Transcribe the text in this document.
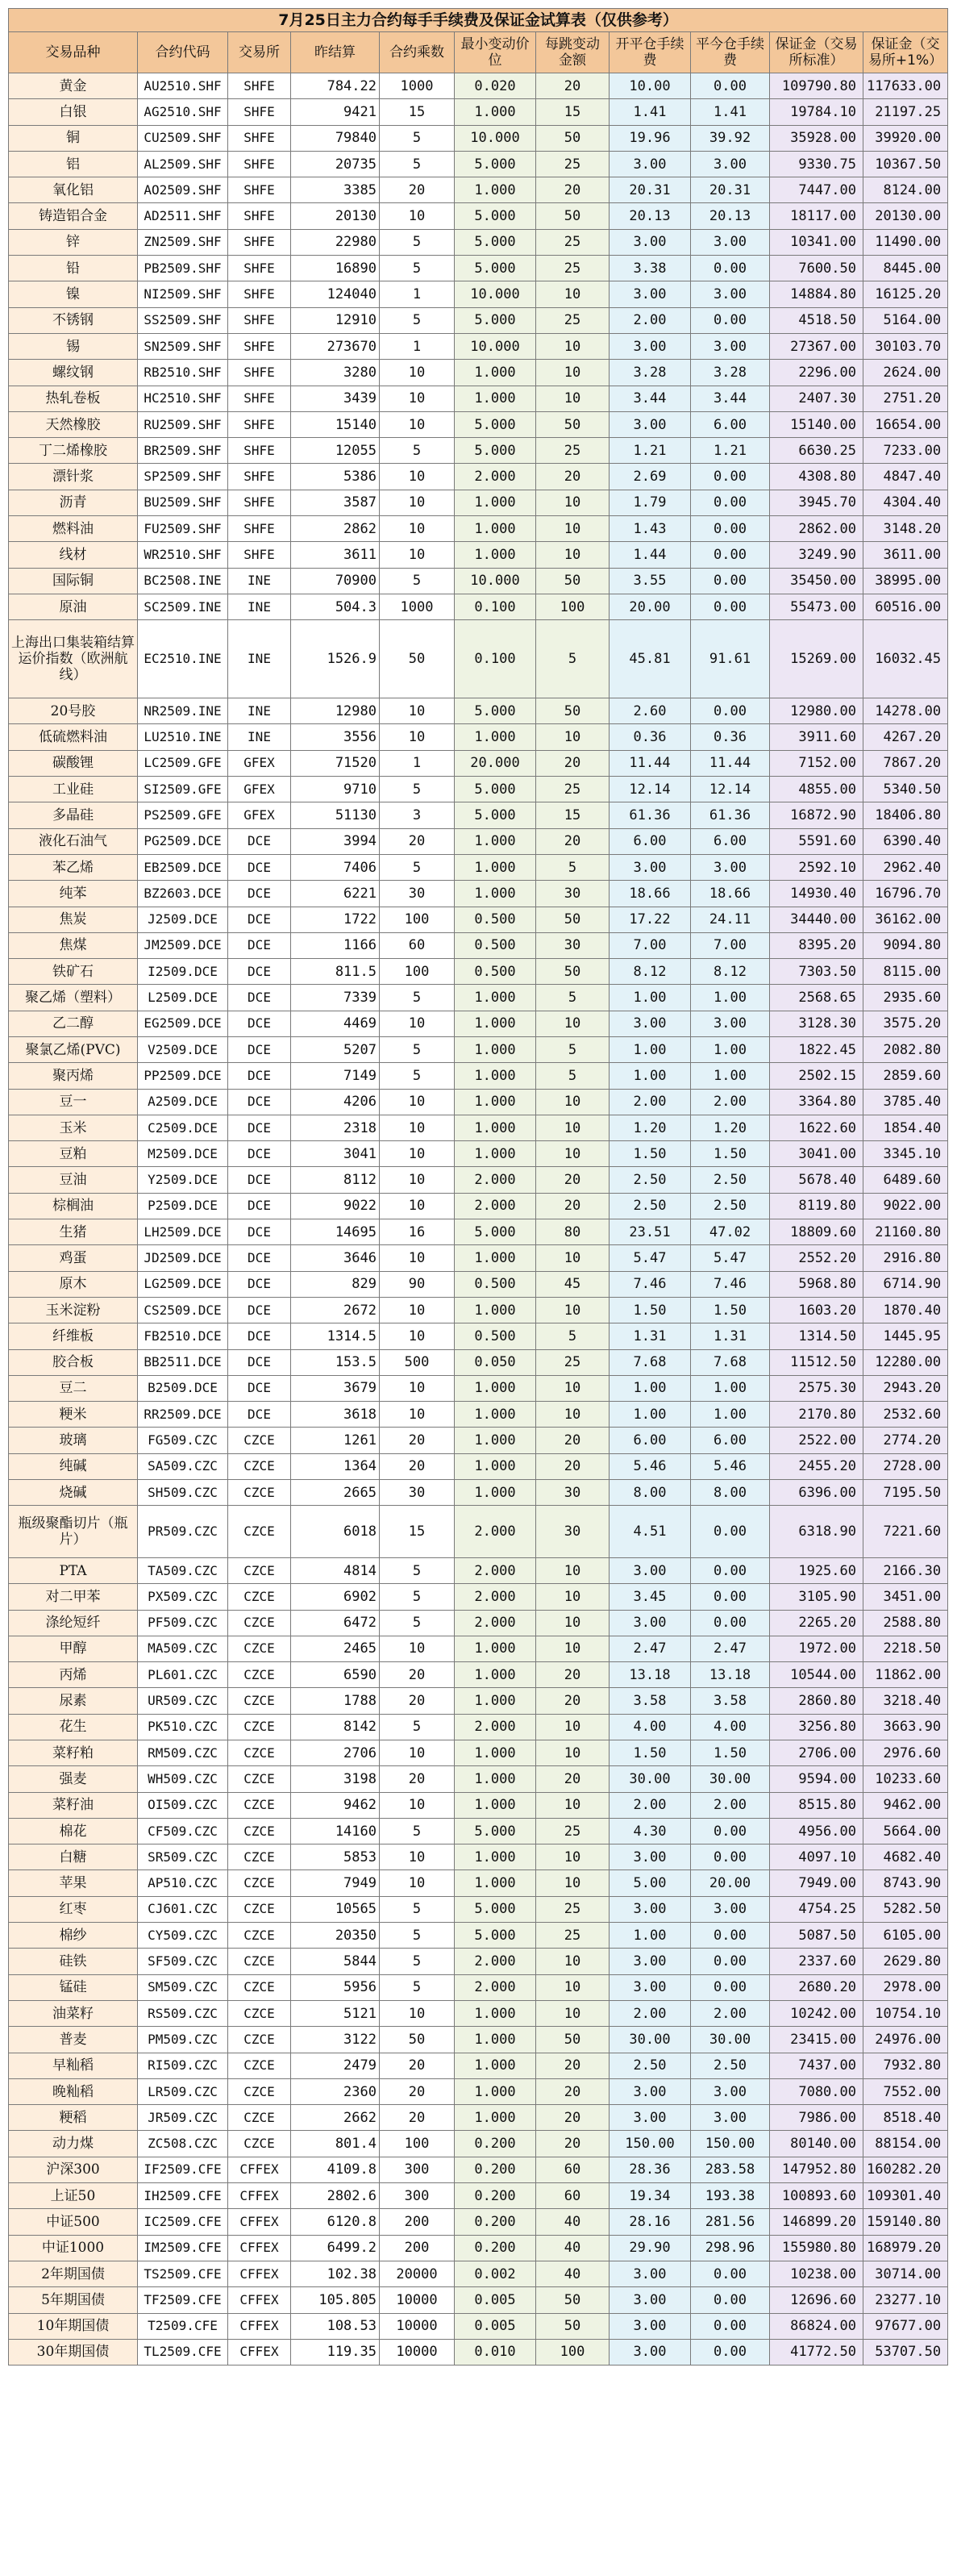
7月25日主力合约每手手续费及保证金试算表（仅供参考）										
交易品种	合约代码	交易所	昨结算	合约乘数	最小变动价位	每跳变动金额	开平仓手续费	平今仓手续费	保证金（交易所标准）	保证金（交易所+1%）
黄金	AU2510.SHF	SHFE	784.22	1000	0.020	20	10.00	0.00	109790.80	117633.00
白银	AG2510.SHF	SHFE	9421	15	1.000	15	1.41	1.41	19784.10	21197.25
铜	CU2509.SHF	SHFE	79840	5	10.000	50	19.96	39.92	35928.00	39920.00
铝	AL2509.SHF	SHFE	20735	5	5.000	25	3.00	3.00	9330.75	10367.50
氧化铝	AO2509.SHF	SHFE	3385	20	1.000	20	20.31	20.31	7447.00	8124.00
铸造铝合金	AD2511.SHF	SHFE	20130	10	5.000	50	20.13	20.13	18117.00	20130.00
锌	ZN2509.SHF	SHFE	22980	5	5.000	25	3.00	3.00	10341.00	11490.00
铅	PB2509.SHF	SHFE	16890	5	5.000	25	3.38	0.00	7600.50	8445.00
镍	NI2509.SHF	SHFE	124040	1	10.000	10	3.00	3.00	14884.80	16125.20
不锈钢	SS2509.SHF	SHFE	12910	5	5.000	25	2.00	0.00	4518.50	5164.00
锡	SN2509.SHF	SHFE	273670	1	10.000	10	3.00	3.00	27367.00	30103.70
螺纹钢	RB2510.SHF	SHFE	3280	10	1.000	10	3.28	3.28	2296.00	2624.00
热轧卷板	HC2510.SHF	SHFE	3439	10	1.000	10	3.44	3.44	2407.30	2751.20
天然橡胶	RU2509.SHF	SHFE	15140	10	5.000	50	3.00	6.00	15140.00	16654.00
丁二烯橡胶	BR2509.SHF	SHFE	12055	5	5.000	25	1.21	1.21	6630.25	7233.00
漂针浆	SP2509.SHF	SHFE	5386	10	2.000	20	2.69	0.00	4308.80	4847.40
沥青	BU2509.SHF	SHFE	3587	10	1.000	10	1.79	0.00	3945.70	4304.40
燃料油	FU2509.SHF	SHFE	2862	10	1.000	10	1.43	0.00	2862.00	3148.20
线材	WR2510.SHF	SHFE	3611	10	1.000	10	1.44	0.00	3249.90	3611.00
国际铜	BC2508.INE	INE	70900	5	10.000	50	3.55	0.00	35450.00	38995.00
原油	SC2509.INE	INE	504.3	1000	0.100	100	20.00	0.00	55473.00	60516.00
上海出口集装箱结算运价指数（欧洲航线）	EC2510.INE	INE	1526.9	50	0.100	5	45.81	91.61	15269.00	16032.45
20号胶	NR2509.INE	INE	12980	10	5.000	50	2.60	0.00	12980.00	14278.00
低硫燃料油	LU2510.INE	INE	3556	10	1.000	10	0.36	0.36	3911.60	4267.20
碳酸锂	LC2509.GFE	GFEX	71520	1	20.000	20	11.44	11.44	7152.00	7867.20
工业硅	SI2509.GFE	GFEX	9710	5	5.000	25	12.14	12.14	4855.00	5340.50
多晶硅	PS2509.GFE	GFEX	51130	3	5.000	15	61.36	61.36	16872.90	18406.80
液化石油气	PG2509.DCE	DCE	3994	20	1.000	20	6.00	6.00	5591.60	6390.40
苯乙烯	EB2509.DCE	DCE	7406	5	1.000	5	3.00	3.00	2592.10	2962.40
纯苯	BZ2603.DCE	DCE	6221	30	1.000	30	18.66	18.66	14930.40	16796.70
焦炭	J2509.DCE	DCE	1722	100	0.500	50	17.22	24.11	34440.00	36162.00
焦煤	JM2509.DCE	DCE	1166	60	0.500	30	7.00	7.00	8395.20	9094.80
铁矿石	I2509.DCE	DCE	811.5	100	0.500	50	8.12	8.12	7303.50	8115.00
聚乙烯（塑料）	L2509.DCE	DCE	7339	5	1.000	5	1.00	1.00	2568.65	2935.60
乙二醇	EG2509.DCE	DCE	4469	10	1.000	10	3.00	3.00	3128.30	3575.20
聚氯乙烯(PVC)	V2509.DCE	DCE	5207	5	1.000	5	1.00	1.00	1822.45	2082.80
聚丙烯	PP2509.DCE	DCE	7149	5	1.000	5	1.00	1.00	2502.15	2859.60
豆一	A2509.DCE	DCE	4206	10	1.000	10	2.00	2.00	3364.80	3785.40
玉米	C2509.DCE	DCE	2318	10	1.000	10	1.20	1.20	1622.60	1854.40
豆粕	M2509.DCE	DCE	3041	10	1.000	10	1.50	1.50	3041.00	3345.10
豆油	Y2509.DCE	DCE	8112	10	2.000	20	2.50	2.50	5678.40	6489.60
棕榈油	P2509.DCE	DCE	9022	10	2.000	20	2.50	2.50	8119.80	9022.00
生猪	LH2509.DCE	DCE	14695	16	5.000	80	23.51	47.02	18809.60	21160.80
鸡蛋	JD2509.DCE	DCE	3646	10	1.000	10	5.47	5.47	2552.20	2916.80
原木	LG2509.DCE	DCE	829	90	0.500	45	7.46	7.46	5968.80	6714.90
玉米淀粉	CS2509.DCE	DCE	2672	10	1.000	10	1.50	1.50	1603.20	1870.40
纤维板	FB2510.DCE	DCE	1314.5	10	0.500	5	1.31	1.31	1314.50	1445.95
胶合板	BB2511.DCE	DCE	153.5	500	0.050	25	7.68	7.68	11512.50	12280.00
豆二	B2509.DCE	DCE	3679	10	1.000	10	1.00	1.00	2575.30	2943.20
粳米	RR2509.DCE	DCE	3618	10	1.000	10	1.00	1.00	2170.80	2532.60
玻璃	FG509.CZC	CZCE	1261	20	1.000	20	6.00	6.00	2522.00	2774.20
纯碱	SA509.CZC	CZCE	1364	20	1.000	20	5.46	5.46	2455.20	2728.00
烧碱	SH509.CZC	CZCE	2665	30	1.000	30	8.00	8.00	6396.00	7195.50
瓶级聚酯切片（瓶片）	PR509.CZC	CZCE	6018	15	2.000	30	4.51	0.00	6318.90	7221.60
PTA	TA509.CZC	CZCE	4814	5	2.000	10	3.00	0.00	1925.60	2166.30
对二甲苯	PX509.CZC	CZCE	6902	5	2.000	10	3.45	0.00	3105.90	3451.00
涤纶短纤	PF509.CZC	CZCE	6472	5	2.000	10	3.00	0.00	2265.20	2588.80
甲醇	MA509.CZC	CZCE	2465	10	1.000	10	2.47	2.47	1972.00	2218.50
丙烯	PL601.CZC	CZCE	6590	20	1.000	20	13.18	13.18	10544.00	11862.00
尿素	UR509.CZC	CZCE	1788	20	1.000	20	3.58	3.58	2860.80	3218.40
花生	PK510.CZC	CZCE	8142	5	2.000	10	4.00	4.00	3256.80	3663.90
菜籽粕	RM509.CZC	CZCE	2706	10	1.000	10	1.50	1.50	2706.00	2976.60
强麦	WH509.CZC	CZCE	3198	20	1.000	20	30.00	30.00	9594.00	10233.60
菜籽油	OI509.CZC	CZCE	9462	10	1.000	10	2.00	2.00	8515.80	9462.00
棉花	CF509.CZC	CZCE	14160	5	5.000	25	4.30	0.00	4956.00	5664.00
白糖	SR509.CZC	CZCE	5853	10	1.000	10	3.00	0.00	4097.10	4682.40
苹果	AP510.CZC	CZCE	7949	10	1.000	10	5.00	20.00	7949.00	8743.90
红枣	CJ601.CZC	CZCE	10565	5	5.000	25	3.00	3.00	4754.25	5282.50
棉纱	CY509.CZC	CZCE	20350	5	5.000	25	1.00	0.00	5087.50	6105.00
硅铁	SF509.CZC	CZCE	5844	5	2.000	10	3.00	0.00	2337.60	2629.80
锰硅	SM509.CZC	CZCE	5956	5	2.000	10	3.00	0.00	2680.20	2978.00
油菜籽	RS509.CZC	CZCE	5121	10	1.000	10	2.00	2.00	10242.00	10754.10
普麦	PM509.CZC	CZCE	3122	50	1.000	50	30.00	30.00	23415.00	24976.00
早籼稻	RI509.CZC	CZCE	2479	20	1.000	20	2.50	2.50	7437.00	7932.80
晚籼稻	LR509.CZC	CZCE	2360	20	1.000	20	3.00	3.00	7080.00	7552.00
粳稻	JR509.CZC	CZCE	2662	20	1.000	20	3.00	3.00	7986.00	8518.40
动力煤	ZC508.CZC	CZCE	801.4	100	0.200	20	150.00	150.00	80140.00	88154.00
沪深300	IF2509.CFE	CFFEX	4109.8	300	0.200	60	28.36	283.58	147952.80	160282.20
上证50	IH2509.CFE	CFFEX	2802.6	300	0.200	60	19.34	193.38	100893.60	109301.40
中证500	IC2509.CFE	CFFEX	6120.8	200	0.200	40	28.16	281.56	146899.20	159140.80
中证1000	IM2509.CFE	CFFEX	6499.2	200	0.200	40	29.90	298.96	155980.80	168979.20
2年期国债	TS2509.CFE	CFFEX	102.38	20000	0.002	40	3.00	0.00	10238.00	30714.00
5年期国债	TF2509.CFE	CFFEX	105.805	10000	0.005	50	3.00	0.00	12696.60	23277.10
10年期国债	T2509.CFE	CFFEX	108.53	10000	0.005	50	3.00	0.00	86824.00	97677.00
30年期国债	TL2509.CFE	CFFEX	119.35	10000	0.010	100	3.00	0.00	41772.50	53707.50
